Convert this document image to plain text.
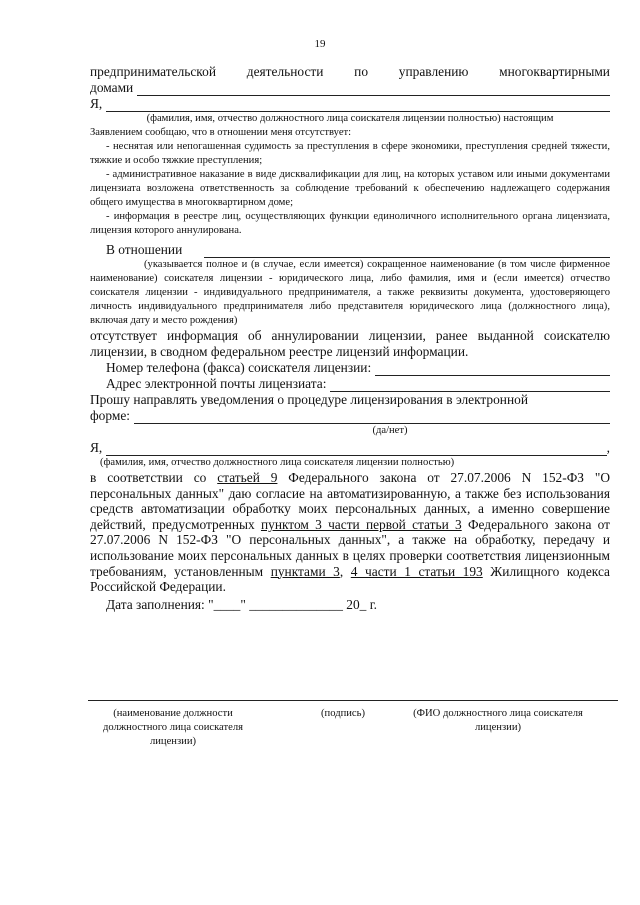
19
предпринимательской деятельности по управлению многоквартирными
домами
Я,

(фамилия, имя, отчество должностного лица соискателя лицензии полностью) настоящим

Заявлением сообщаю, что в отношении меня отсутствует:

- неснятая или непогашенная судимость за преступления в сфере экономики, преступления средней тяжести, тяжкие и особо тяжкие преступления;

- административное наказание в виде дисквалификации для лиц, на которых уставом или иными документами лицензиата возложена ответственность за соблюдение требований к обеспечению надлежащего содержания общего имущества в многоквартирном доме;

- информация в реестре лиц, осуществляющих функции единоличного исполнительного органа лицензиата, лицензия которого аннулирована.

В отношении

(указывается полное и (в случае, если имеется) сокращенное наименование (в том числе фирменное наименование) соискателя лицензии - юридического лица, либо фамилия, имя и (если имеется) отчество соискателя лицензии - индивидуального предпринимателя, а также реквизиты документа, удостоверяющего личность индивидуального предпринимателя либо представителя юридического лица (должностного лица), включая дату и место рождения)

отсутствует информация об аннулировании лицензии, ранее выданной соискателю лицензии, в сводном федеральном реестре лицензий информации.

Номер телефона (факса) соискателя лицензии:
Адрес электронной почты лицензиата:

Прошу направлять уведомления о процедуре лицензирования в электронной

форме:

(да/нет)

Я,	,

(фамилия, имя, отчество должностного лица соискателя лицензии полностью)

в соответствии со статьей 9 Федерального закона от 27.07.2006 N 152-ФЗ "О персональных данных" даю согласие на автоматизированную, а также без использования средств автоматизации обработку моих персональных данных, а именно совершение действий, предусмотренных пунктом 3 части первой статьи 3 Федерального закона от 27.07.2006 N 152-ФЗ "О персональных данных", а также на обработку, передачу и использование моих персональных данных в целях проверки соответствия лицензионным требованиям, установленным пунктами 3, 4 части 1 статьи 193 Жилищного кодекса Российской Федерации.

Дата заполнения: "____" ______________ 20_ г.

(наименование должности должностного лица соискателя лицензии)
(подпись)	(ФИО должностного лица соискателя лицензии)
